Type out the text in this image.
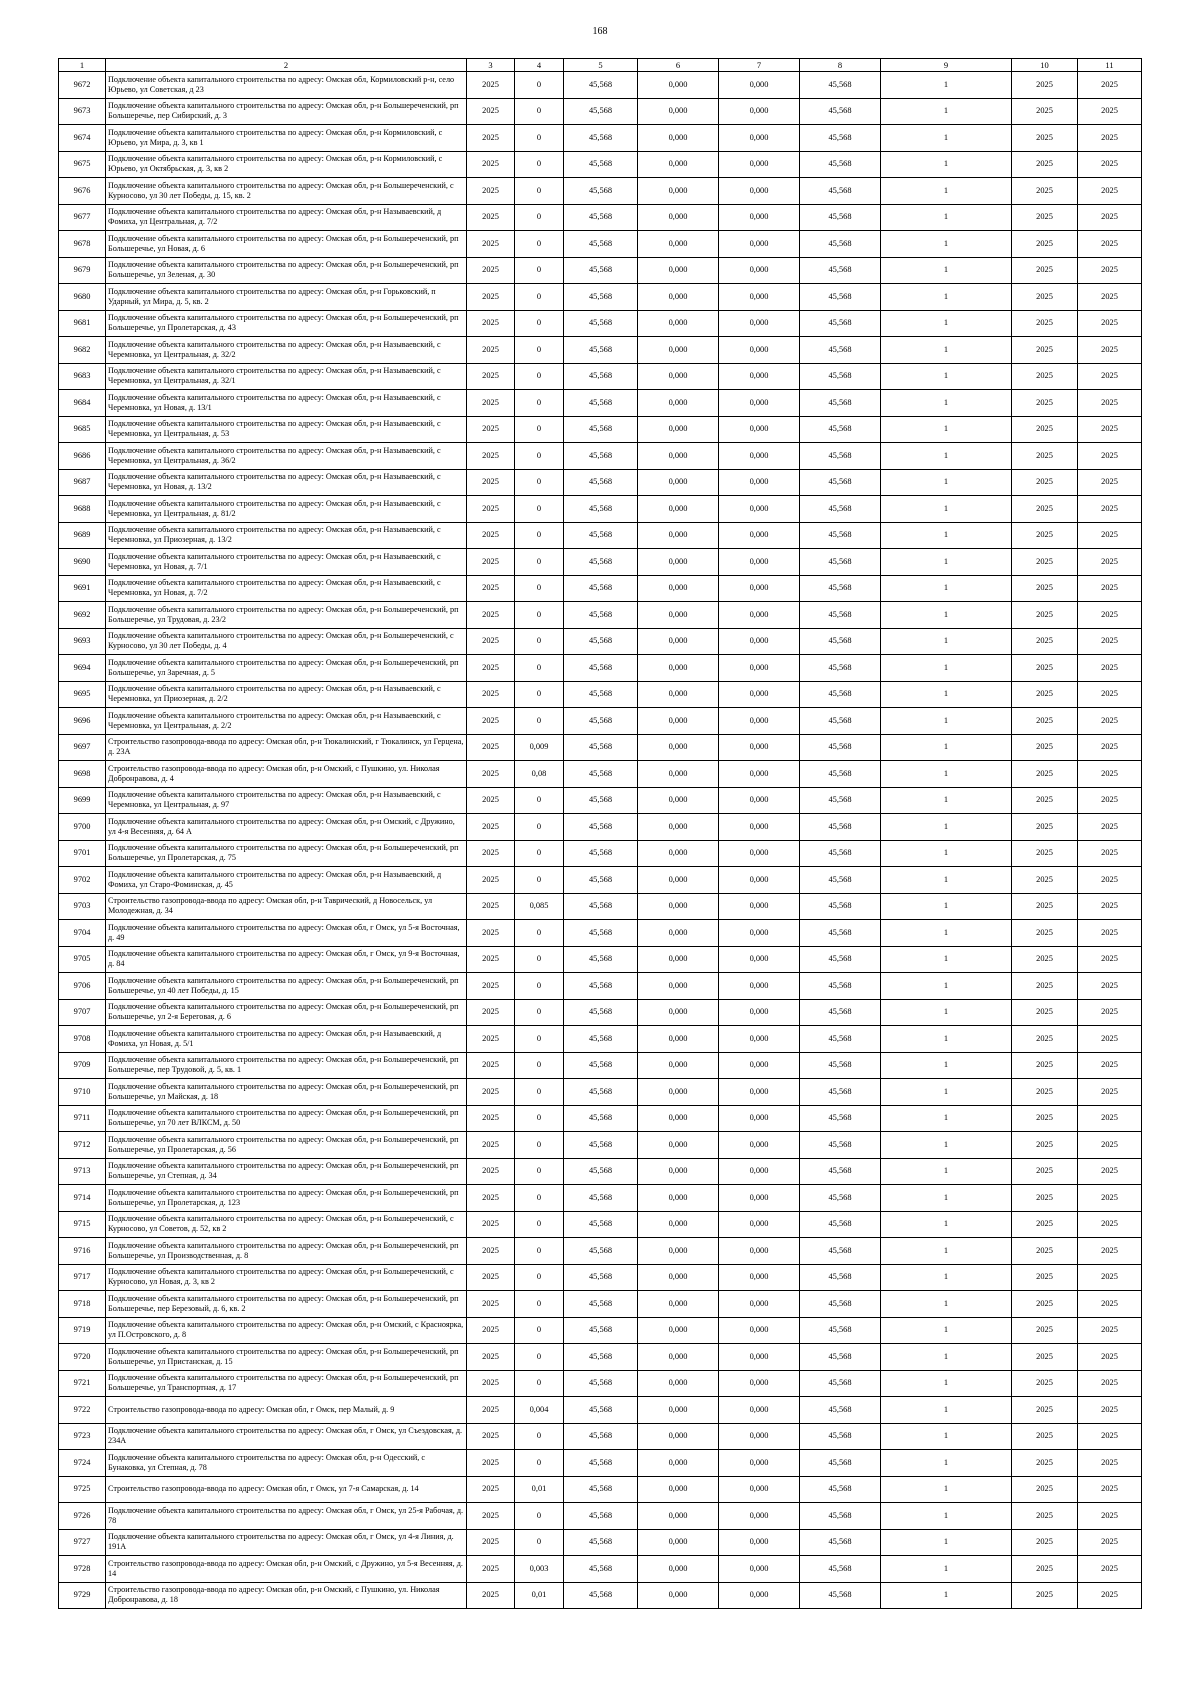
168
1	2	3	4	5	6	7	8	9	10	11
9672	Подключение объекта капитального строительства по адресу: Омская обл, Кормиловский р-н, село Юрьево, ул Советская, д 23	2025	0	45,568	0,000	0,000	45,568	1	2025	2025
9673	Подключение объекта капитального строительства по адресу: Омская обл, р-н Большереченский, рп Большеречье, пер Сибирский, д. 3	2025	0	45,568	0,000	0,000	45,568	1	2025	2025
9674	Подключение объекта капитального строительства по адресу: Омская обл, р-н Кормиловский, с Юрьево, ул Мира, д. 3, кв 1	2025	0	45,568	0,000	0,000	45,568	1	2025	2025
9675	Подключение объекта капитального строительства по адресу: Омская обл, р-н Кормиловский, с Юрьево, ул Октябрьская, д. 3, кв 2	2025	0	45,568	0,000	0,000	45,568	1	2025	2025
9676	Подключение объекта капитального строительства по адресу: Омская обл, р-н Большереченский, с Курносово, ул 30 лет Победы, д. 15, кв. 2	2025	0	45,568	0,000	0,000	45,568	1	2025	2025
9677	Подключение объекта капитального строительства по адресу: Омская обл, р-н Называевский, д Фомиха, ул Центральная, д. 7/2	2025	0	45,568	0,000	0,000	45,568	1	2025	2025
9678	Подключение объекта капитального строительства по адресу: Омская обл, р-н Большереченский, рп Большеречье, ул Новая, д. 6	2025	0	45,568	0,000	0,000	45,568	1	2025	2025
9679	Подключение объекта капитального строительства по адресу: Омская обл, р-н Большереченский, рп Большеречье, ул Зеленая, д. 30	2025	0	45,568	0,000	0,000	45,568	1	2025	2025
9680	Подключение объекта капитального строительства по адресу: Омская обл, р-н Горьковский, п Ударный, ул Мира, д. 5, кв. 2	2025	0	45,568	0,000	0,000	45,568	1	2025	2025
9681	Подключение объекта капитального строительства по адресу: Омская обл, р-н Большереченский, рп Большеречье, ул Пролетарская, д. 43	2025	0	45,568	0,000	0,000	45,568	1	2025	2025
9682	Подключение объекта капитального строительства по адресу: Омская обл, р-н Называевский, с Черемновка, ул Центральная, д. 32/2	2025	0	45,568	0,000	0,000	45,568	1	2025	2025
9683	Подключение объекта капитального строительства по адресу: Омская обл, р-н Называевский, с Черемновка, ул Центральная, д. 32/1	2025	0	45,568	0,000	0,000	45,568	1	2025	2025
9684	Подключение объекта капитального строительства по адресу: Омская обл, р-н Называевский, с Черемновка, ул Новая, д. 13/1	2025	0	45,568	0,000	0,000	45,568	1	2025	2025
9685	Подключение объекта капитального строительства по адресу: Омская обл, р-н Называевский, с Черемновка, ул Центральная, д. 53	2025	0	45,568	0,000	0,000	45,568	1	2025	2025
9686	Подключение объекта капитального строительства по адресу: Омская обл, р-н Называевский, с Черемновка, ул Центральная, д. 36/2	2025	0	45,568	0,000	0,000	45,568	1	2025	2025
9687	Подключение объекта капитального строительства по адресу: Омская обл, р-н Называевский, с Черемновка, ул Новая, д. 13/2	2025	0	45,568	0,000	0,000	45,568	1	2025	2025
9688	Подключение объекта капитального строительства по адресу: Омская обл, р-н Называевский, с Черемновка, ул Центральная, д. 81/2	2025	0	45,568	0,000	0,000	45,568	1	2025	2025
9689	Подключение объекта капитального строительства по адресу: Омская обл, р-н Называевский, с Черемновка, ул Приозерная, д. 13/2	2025	0	45,568	0,000	0,000	45,568	1	2025	2025
9690	Подключение объекта капитального строительства по адресу: Омская обл, р-н Называевский, с Черемновка, ул Новая, д. 7/1	2025	0	45,568	0,000	0,000	45,568	1	2025	2025
9691	Подключение объекта капитального строительства по адресу: Омская обл, р-н Называевский, с Черемновка, ул Новая, д. 7/2	2025	0	45,568	0,000	0,000	45,568	1	2025	2025
9692	Подключение объекта капитального строительства по адресу: Омская обл, р-н Большереченский, рп Большеречье, ул Трудовая, д. 23/2	2025	0	45,568	0,000	0,000	45,568	1	2025	2025
9693	Подключение объекта капитального строительства по адресу: Омская обл, р-н Большереченский, с Курносово, ул 30 лет Победы, д. 4	2025	0	45,568	0,000	0,000	45,568	1	2025	2025
9694	Подключение объекта капитального строительства по адресу: Омская обл, р-н Большереченский, рп Большеречье, ул Заречная, д. 5	2025	0	45,568	0,000	0,000	45,568	1	2025	2025
9695	Подключение объекта капитального строительства по адресу: Омская обл, р-н Называевский, с Черемновка, ул Приозерная, д. 2/2	2025	0	45,568	0,000	0,000	45,568	1	2025	2025
9696	Подключение объекта капитального строительства по адресу: Омская обл, р-н Называевский, с Черемновка, ул Центральная, д. 2/2	2025	0	45,568	0,000	0,000	45,568	1	2025	2025
9697	Строительство газопровода-ввода по адресу: Омская обл, р-н Тюкалинский, г Тюкалинск, ул Герцена, д. 23А	2025	0,009	45,568	0,000	0,000	45,568	1	2025	2025
9698	Строительство газопровода-ввода по адресу: Омская обл, р-н Омский, с Пушкино, ул. Николая Добронравова, д. 4	2025	0,08	45,568	0,000	0,000	45,568	1	2025	2025
9699	Подключение объекта капитального строительства по адресу: Омская обл, р-н Называевский, с Черемновка, ул Центральная, д. 97	2025	0	45,568	0,000	0,000	45,568	1	2025	2025
9700	Подключение объекта капитального строительства по адресу: Омская обл, р-н Омский, с Дружино, ул 4-я Весенняя, д. 64 А	2025	0	45,568	0,000	0,000	45,568	1	2025	2025
9701	Подключение объекта капитального строительства по адресу: Омская обл, р-н Большереченский, рп Большеречье, ул Пролетарская, д. 75	2025	0	45,568	0,000	0,000	45,568	1	2025	2025
9702	Подключение объекта капитального строительства по адресу: Омская обл, р-н Называевский, д Фомиха, ул Старо-Фоминская, д. 45	2025	0	45,568	0,000	0,000	45,568	1	2025	2025
9703	Строительство газопровода-ввода по адресу: Омская обл, р-н Таврический, д Новосельск, ул Молодежная, д. 34	2025	0,085	45,568	0,000	0,000	45,568	1	2025	2025
9704	Подключение объекта капитального строительства по адресу: Омская обл, г Омск, ул 5-я Восточная, д. 49	2025	0	45,568	0,000	0,000	45,568	1	2025	2025
9705	Подключение объекта капитального строительства по адресу: Омская обл, г Омск, ул 9-я Восточная, д. 84	2025	0	45,568	0,000	0,000	45,568	1	2025	2025
9706	Подключение объекта капитального строительства по адресу: Омская обл, р-н Большереченский, рп Большеречье, ул 40 лет Победы, д. 15	2025	0	45,568	0,000	0,000	45,568	1	2025	2025
9707	Подключение объекта капитального строительства по адресу: Омская обл, р-н Большереченский, рп Большеречье, ул 2-я Береговая, д. 6	2025	0	45,568	0,000	0,000	45,568	1	2025	2025
9708	Подключение объекта капитального строительства по адресу: Омская обл, р-н Называевский, д Фомиха, ул Новая, д. 5/1	2025	0	45,568	0,000	0,000	45,568	1	2025	2025
9709	Подключение объекта капитального строительства по адресу: Омская обл, р-н Большереченский, рп Большеречье, пер Трудовой, д. 5, кв. 1	2025	0	45,568	0,000	0,000	45,568	1	2025	2025
9710	Подключение объекта капитального строительства по адресу: Омская обл, р-н Большереченский, рп Большеречье, ул Майская, д. 18	2025	0	45,568	0,000	0,000	45,568	1	2025	2025
9711	Подключение объекта капитального строительства по адресу: Омская обл, р-н Большереченский, рп Большеречье, ул 70 лет ВЛКСМ, д. 50	2025	0	45,568	0,000	0,000	45,568	1	2025	2025
9712	Подключение объекта капитального строительства по адресу: Омская обл, р-н Большереченский, рп Большеречье, ул Пролетарская, д. 56	2025	0	45,568	0,000	0,000	45,568	1	2025	2025
9713	Подключение объекта капитального строительства по адресу: Омская обл, р-н Большереченский, рп Большеречье, ул Степная, д. 34	2025	0	45,568	0,000	0,000	45,568	1	2025	2025
9714	Подключение объекта капитального строительства по адресу: Омская обл, р-н Большереченский, рп Большеречье, ул Пролетарская, д. 123	2025	0	45,568	0,000	0,000	45,568	1	2025	2025
9715	Подключение объекта капитального строительства по адресу: Омская обл, р-н Большереченский, с Курносово, ул Советов, д. 52, кв 2	2025	0	45,568	0,000	0,000	45,568	1	2025	2025
9716	Подключение объекта капитального строительства по адресу: Омская обл, р-н Большереченский, рп Большеречье, ул Производственная, д. 8	2025	0	45,568	0,000	0,000	45,568	1	2025	2025
9717	Подключение объекта капитального строительства по адресу: Омская обл, р-н Большереченский, с Курносово, ул Новая, д. 3, кв 2	2025	0	45,568	0,000	0,000	45,568	1	2025	2025
9718	Подключение объекта капитального строительства по адресу: Омская обл, р-н Большереченский, рп Большеречье, пер Березовый, д. 6, кв. 2	2025	0	45,568	0,000	0,000	45,568	1	2025	2025
9719	Подключение объекта капитального строительства по адресу: Омская обл, р-н Омский, с Красноярка, ул П.Островского, д. 8	2025	0	45,568	0,000	0,000	45,568	1	2025	2025
9720	Подключение объекта капитального строительства по адресу: Омская обл, р-н Большереченский, рп Большеречье, ул Пристанская, д. 15	2025	0	45,568	0,000	0,000	45,568	1	2025	2025
9721	Подключение объекта капитального строительства по адресу: Омская обл, р-н Большереченский, рп Большеречье, ул Транспортная, д. 17	2025	0	45,568	0,000	0,000	45,568	1	2025	2025
9722	Строительство газопровода-ввода по адресу: Омская обл, г Омск, пер Малый, д. 9	2025	0,004	45,568	0,000	0,000	45,568	1	2025	2025
9723	Подключение объекта капитального строительства по адресу: Омская обл, г Омск, ул Съездовская, д. 234А	2025	0	45,568	0,000	0,000	45,568	1	2025	2025
9724	Подключение объекта капитального строительства по адресу: Омская обл, р-н Одесский, с Бунаковка, ул Степная, д. 78	2025	0	45,568	0,000	0,000	45,568	1	2025	2025
9725	Строительство газопровода-ввода по адресу: Омская обл, г Омск, ул 7-я Самарская, д. 14	2025	0,01	45,568	0,000	0,000	45,568	1	2025	2025
9726	Подключение объекта капитального строительства по адресу: Омская обл, г Омск, ул 25-я Рабочая, д. 78	2025	0	45,568	0,000	0,000	45,568	1	2025	2025
9727	Подключение объекта капитального строительства по адресу: Омская обл, г Омск, ул 4-я Линия, д. 191А	2025	0	45,568	0,000	0,000	45,568	1	2025	2025
9728	Строительство газопровода-ввода по адресу: Омская обл, р-н Омский, с Дружино, ул 5-я Весенняя, д. 14	2025	0,003	45,568	0,000	0,000	45,568	1	2025	2025
9729	Строительство газопровода-ввода по адресу: Омская обл, р-н Омский, с Пушкино, ул. Николая Добронравова, д. 18	2025	0,01	45,568	0,000	0,000	45,568	1	2025	2025
